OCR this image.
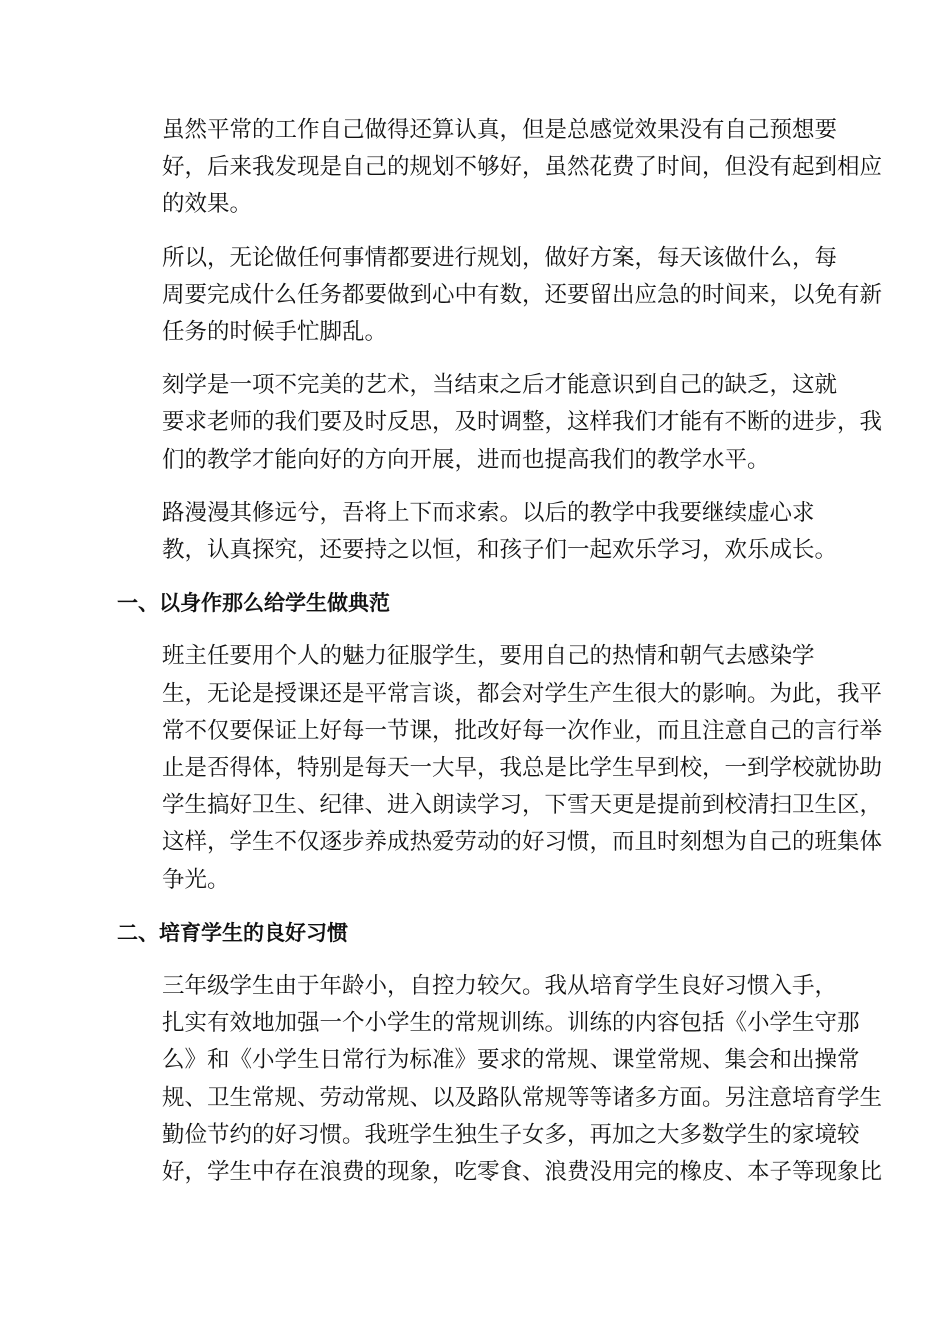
虽然平常的工作自己做得还算认真，但是总感觉效果没有自己预想要
好，后来我发现是自己的规划不够好，虽然花费了时间，但没有起到相应
的效果。

所以，无论做任何事情都要进行规划，做好方案，每天该做什么，每
周要完成什么任务都要做到心中有数，还要留出应急的时间来，以免有新
任务的时候手忙脚乱。

刻学是一项不完美的艺术，当结束之后才能意识到自己的缺乏，这就
要求老师的我们要及时反思，及时调整，这样我们才能有不断的进步，我
们的教学才能向好的方向开展，进而也提高我们的教学水平。

路漫漫其修远兮，吾将上下而求索。以后的教学中我要继续虚心求
教，认真探究，还要持之以恒，和孩子们一起欢乐学习，欢乐成长。

一、以身作那么给学生做典范

班主任要用个人的魅力征服学生，要用自己的热情和朝气去感染学
生，无论是授课还是平常言谈，都会对学生产生很大的影响。为此，我平
常不仅要保证上好每一节课，批改好每一次作业，而且注意自己的言行举
止是否得体，特别是每天一大早，我总是比学生早到校，一到学校就协助
学生搞好卫生、纪律、进入朗读学习，下雪天更是提前到校清扫卫生区，
这样，学生不仅逐步养成热爱劳动的好习惯，而且时刻想为自己的班集体
争光。

二、培育学生的良好习惯

三年级学生由于年龄小，自控力较欠。我从培育学生良好习惯入手，
扎实有效地加强一个小学生的常规训练。训练的内容包括《小学生守那
么》和《小学生日常行为标准》要求的常规、课堂常规、集会和出操常
规、卫生常规、劳动常规、以及路队常规等等诸多方面。另注意培育学生
勤俭节约的好习惯。我班学生独生子女多，再加之大多数学生的家境较
好，学生中存在浪费的现象，吃零食、浪费没用完的橡皮、本子等现象比
